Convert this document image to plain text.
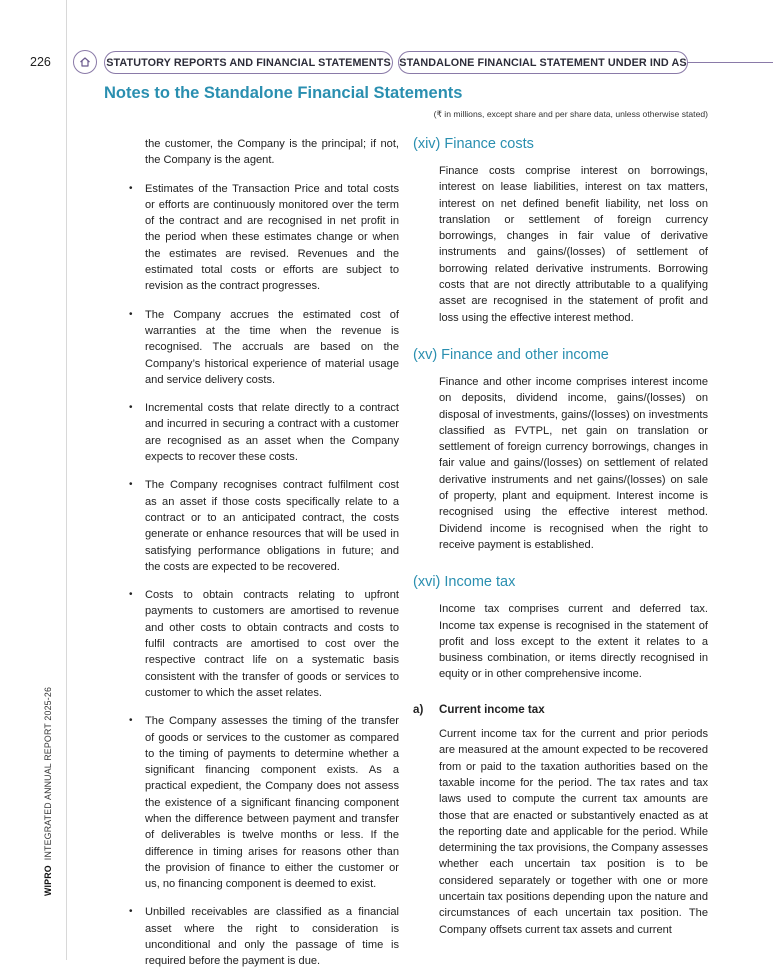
226	STATUTORY REPORTS AND FINANCIAL STATEMENTS STANDALONE FINANCIAL STATEMENT UNDER IND AS
Notes to the Standalone Financial Statements
(₹ in millions, except share and per share data, unless otherwise stated)
WIPROINTEGRATED ANNUAL REPORT 2025-26

the customer, the Company is the principal; if not, the Company is the agent.

• Estimates of the Transaction Price and total costs or efforts are continuously monitored over the term of the contract and are recognised in net profit in the period when these estimates change or when the estimates are revised. Revenues and the estimated total costs or efforts are subject to revision as the contract progresses.
• The Company accrues the estimated cost of warranties at the time when the revenue is recognised. The accruals are based on the Company’s historical experience of material usage and service delivery costs.
• Incremental costs that relate directly to a contract and incurred in securing a contract with a customer are recognised as an asset when the Company expects to recover these costs.
• The Company recognises contract fulfilment cost as an asset if those costs specifically relate to a contract or to an anticipated contract, the costs generate or enhance resources that will be used in satisfying performance obligations in future; and the costs are expected to be recovered.
• Costs to obtain contracts relating to upfront payments to customers are amortised to revenue and other costs to obtain contracts and costs to fulfil contracts are amortised to cost over the respective contract life on a systematic basis consistent with the transfer of goods or services to customer to which the asset relates.
• The Company assesses the timing of the transfer of goods or services to the customer as compared to the timing of payments to determine whether a significant financing component exists. As a practical expedient, the Company does not assess the existence of a significant financing component when the difference between payment and transfer of deliverables is twelve months or less. If the difference in timing arises for reasons other than the provision of finance to either the customer or us, no financing component is deemed to exist.
• Unbilled receivables are classified as a financial asset where the right to consideration is unconditional and only the passage of time is required before the payment is due.
(xiv) Finance costs
Finance costs comprise interest on borrowings, interest on lease liabilities, interest on tax matters, interest on net defined benefit liability, net loss on translation or settlement of foreign currency borrowings, changes in fair value of derivative instruments and gains/(losses) of settlement of borrowing related derivative instruments. Borrowing costs that are not directly attributable to a qualifying asset are recognised in the statement of profit and loss using the effective interest method.
(xv) Finance and other income
Finance and other income comprises interest income on deposits, dividend income, gains/(losses) on disposal of investments, gains/(losses) on investments classified as FVTPL, net gain on translation or settlement of foreign currency borrowings, changes in fair value and gains/(losses) on settlement of related derivative instruments and net gains/(losses) on sale of property, plant and equipment. Interest income is recognised using the effective interest method. Dividend income is recognised when the right to receive payment is established.
(xvi) Income tax
Income tax comprises current and deferred tax. Income tax expense is recognised in the statement of profit and loss except to the extent it relates to a business combination, or items directly recognised in equity or in other comprehensive income.
a)	Current income tax
Current income tax for the current and prior periods are measured at the amount expected to be recovered from or paid to the taxation authorities based on the taxable income for the period. The tax rates and tax laws used to compute the current tax amounts are those that are enacted or substantively enacted as at the reporting date and applicable for the period. While determining the tax provisions, the Company assesses whether each uncertain tax position is to be considered separately or together with one or more uncertain tax positions depending upon the nature and circumstances of each uncertain tax position. The Company offsets current tax assets and current
